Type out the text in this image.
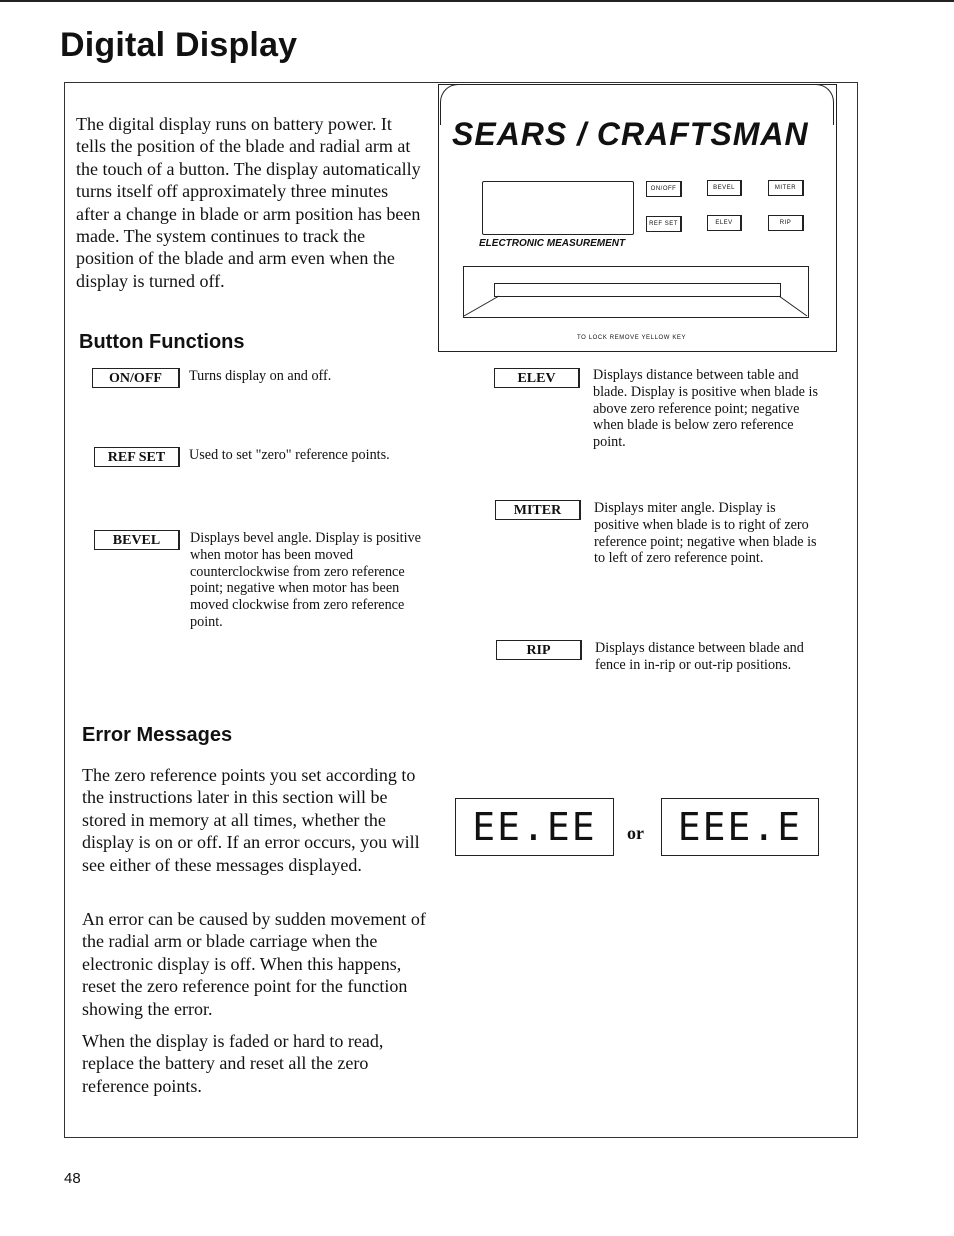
Digital Display
The digital display runs on battery power. It tells the position of the blade and radial arm at the touch of a button. The display automatically turns itself off approximately three minutes after a change in blade or arm position has been made. The system continues to track the position of the blade and arm even when the display is turned off.
SEARS / CRAFTSMAN
ON/OFF	BEVEL	MITER
REF SET	ELEV	RIP
ELECTRONIC MEASUREMENT
TO LOCK REMOVE YELLOW KEY
Button Functions
ON/OFF	Turns display on and off.
REF SET	Used to set "zero" reference points.
BEVEL	Displays bevel angle. Display is positive when motor has been moved counterclockwise from zero reference point; negative when motor has been moved clockwise from zero reference point.
ELEV	Displays distance between table and blade. Display is positive when blade is above zero reference point; negative when blade is below zero reference point.
MITER	Displays miter angle. Display is positive when blade is to right of zero reference point; negative when blade is to left of zero reference point.
RIP	Displays distance between blade and fence in in-rip or out-rip positions.
Error Messages
The zero reference points you set according to the instructions later in this section will be stored in memory at all times, whether the display is on or off. If an error occurs, you will see either of these messages displayed.
An error can be caused by sudden movement of the radial arm or blade carriage when the electronic display is off. When this happens, reset the zero reference point for the function showing the error.
When the display is faded or hard to read, replace the battery and reset all the zero reference points.
EE.EE	or EEE.E
48
